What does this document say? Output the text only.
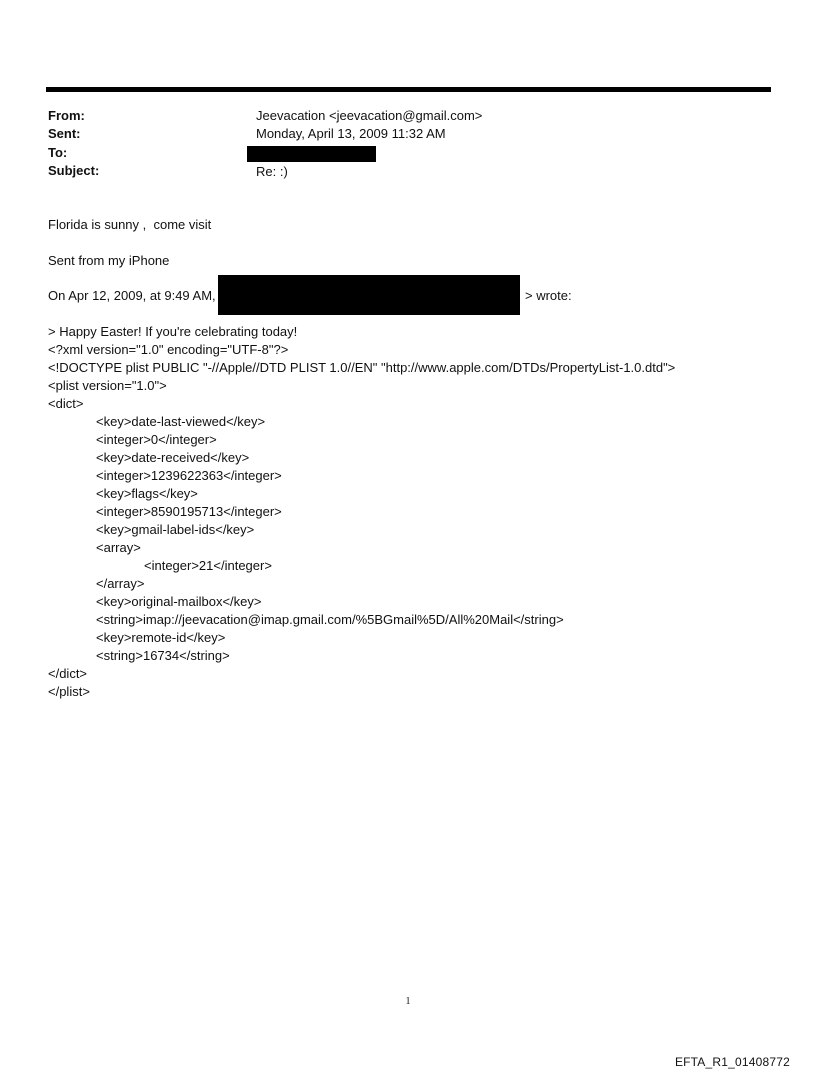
From:	Jeevacation <jeevacation@gmail.com>
Sent:	Monday, April 13, 2009 11:32 AM
To:
Subject:	Re: :)
Florida is sunny ,  come visit
Sent from my iPhone
On Apr 12, 2009, at 9:49 AM,	> wrote:
> Happy Easter! If you're celebrating today!
<?xml version="1.0" encoding="UTF-8"?>
<!DOCTYPE plist PUBLIC "-//Apple//DTD PLIST 1.0//EN" "http://www.apple.com/DTDs/PropertyList-1.0.dtd">
<plist version="1.0">
<dict>
<key>date-last-viewed</key>
<integer>0</integer>
<key>date-received</key>
<integer>1239622363</integer>
<key>flags</key>
<integer>8590195713</integer>
<key>gmail-label-ids</key>
<array>
<integer>21</integer>
</array>
<key>original-mailbox</key>
<string>imap://jeevacation@imap.gmail.com/%5BGmail%5D/All%20Mail</string>
<key>remote-id</key>
<string>16734</string>
</dict>
</plist>
1
EFTA_R1_01408772
